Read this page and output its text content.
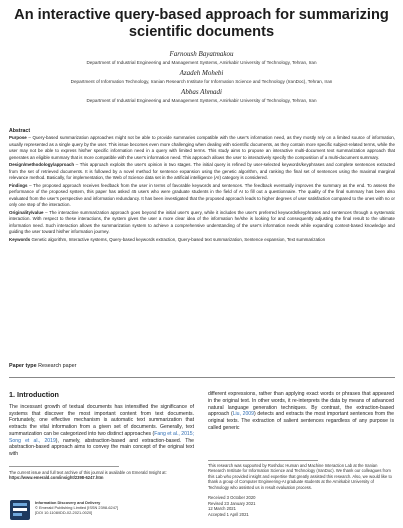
An interactive query-based approach for summarizing scientific documents
Farnoush Bayatmakou
Department of Industrial Engineering and Management Systems, Amirkabir University of Technology, Tehran, Iran
Azadeh Mohebi
Department of Information Technology, Iranian Research Institute for Information Science and Technology (IranDoc), Tehran, Iran
Abbas Ahmadi
Department of Industrial Engineering and Management Systems, Amirkabir University of Technology, Tehran, Iran
Abstract

Purpose – Query-based summarization approaches might not be able to provide summaries compatible with the user's information need, as they mostly rely on a limited source of information, usually represented as a single query by the user. This issue becomes even more challenging when dealing with scientific documents, as they contain more specific subject-related terms, while the user may not be able to express his/her specific information need in a query with limited terms. This study aims to propose an interactive multi-document text summarization approach that generates an eligible summary that is more compatible with the user's information need. This approach allows the user to interactively specify the composition of a multi-document summary.

Design/methodology/approach – This approach exploits the user's opinion in two stages. The initial query is refined by user-selected keywords/keyphrases and complete sentences extracted from the set of retrieved documents. It is followed by a novel method for sentence expansion using the genetic algorithm, and ranking the final set of sentences using the maximal marginal relevance method. Basically, for implementation, the Web of Science data set in the artificial intelligence (AI) category is considered.

Findings – The proposed approach receives feedback from the user in terms of favorable keywords and sentences. The feedback eventually improves the summary as the end. To assess the performance of the proposed system, this paper has asked 45 users who were graduate students in the field of AI to fill out a questionnaire. The quality of the final summary has been also evaluated from the user's perspective and information redundancy. It has been investigated that the proposed approach leads to higher degrees of user satisfaction compared to the ones with no or only one step of the interaction.

Originality/value – The interactive summarization approach goes beyond the initial user's query, while it includes the user's preferred keywords/keyphrases and sentences through a systematic interaction. With respect to these interactions, the system gives the user a more clear idea of the information he/she is looking for and consequently adjusting the final result to the ultimate information need. Such interaction allows the summarization system to achieve a comprehensive understanding of the user's information needs while expanding context-based knowledge and guiding the user toward his/her information journey.

Keywords Genetic algorithm, Interactive systems, Query-based keywords extraction, Query-based text summarization, Sentence expansion, Text summarization

Paper type Research paper
1. Introduction
The incessant growth of textual documents has intensified the significance of systems that discover the most important content from text documents. Fortunately, one effective mechanism is automatic text summarization that extracts the vital information from a given set of documents. Generally, text summarization can be categorized into two distinct approaches (Fang et al., 2015; Song et al., 2019), namely, abstraction-based and extraction-based. The abstraction-based approach aims to convey the main concept of the original text with
different expressions, rather than applying exact words or phrases that appeared in the original text. In other words, it re-interprets the data by means of advanced natural language generation techniques. By contrast, the extraction-based approach (Liu, 2009) detects and extracts the most important sentences from the original texts. The extraction of salient sentences regardless of any purpose is called generic
The current issue and full text archive of this journal is available on Emerald Insight at: https://www.emerald.com/insight/2398-6247.htm
Information Discovery and Delivery
© Emerald Publishing Limited [ISSN 2398-6247]
[DOI 10.1108/IDD-02-2021-0020]
This research was supported by Roshdoc Human and Machine Interaction Lab at the Iranian Research Institute for Information Science and Technology (IranDoc). We thank our colleagues from this Lab who provided insight and expertise that greatly assisted this research. Also, we would like to thank a group of Computer Engineering-AI graduate students at the Amirkabir University of Technology who assisted us in result evaluation process.
Received 3 October 2020
Revised 23 January 2021
12 March 2021
Accepted 1 April 2021
